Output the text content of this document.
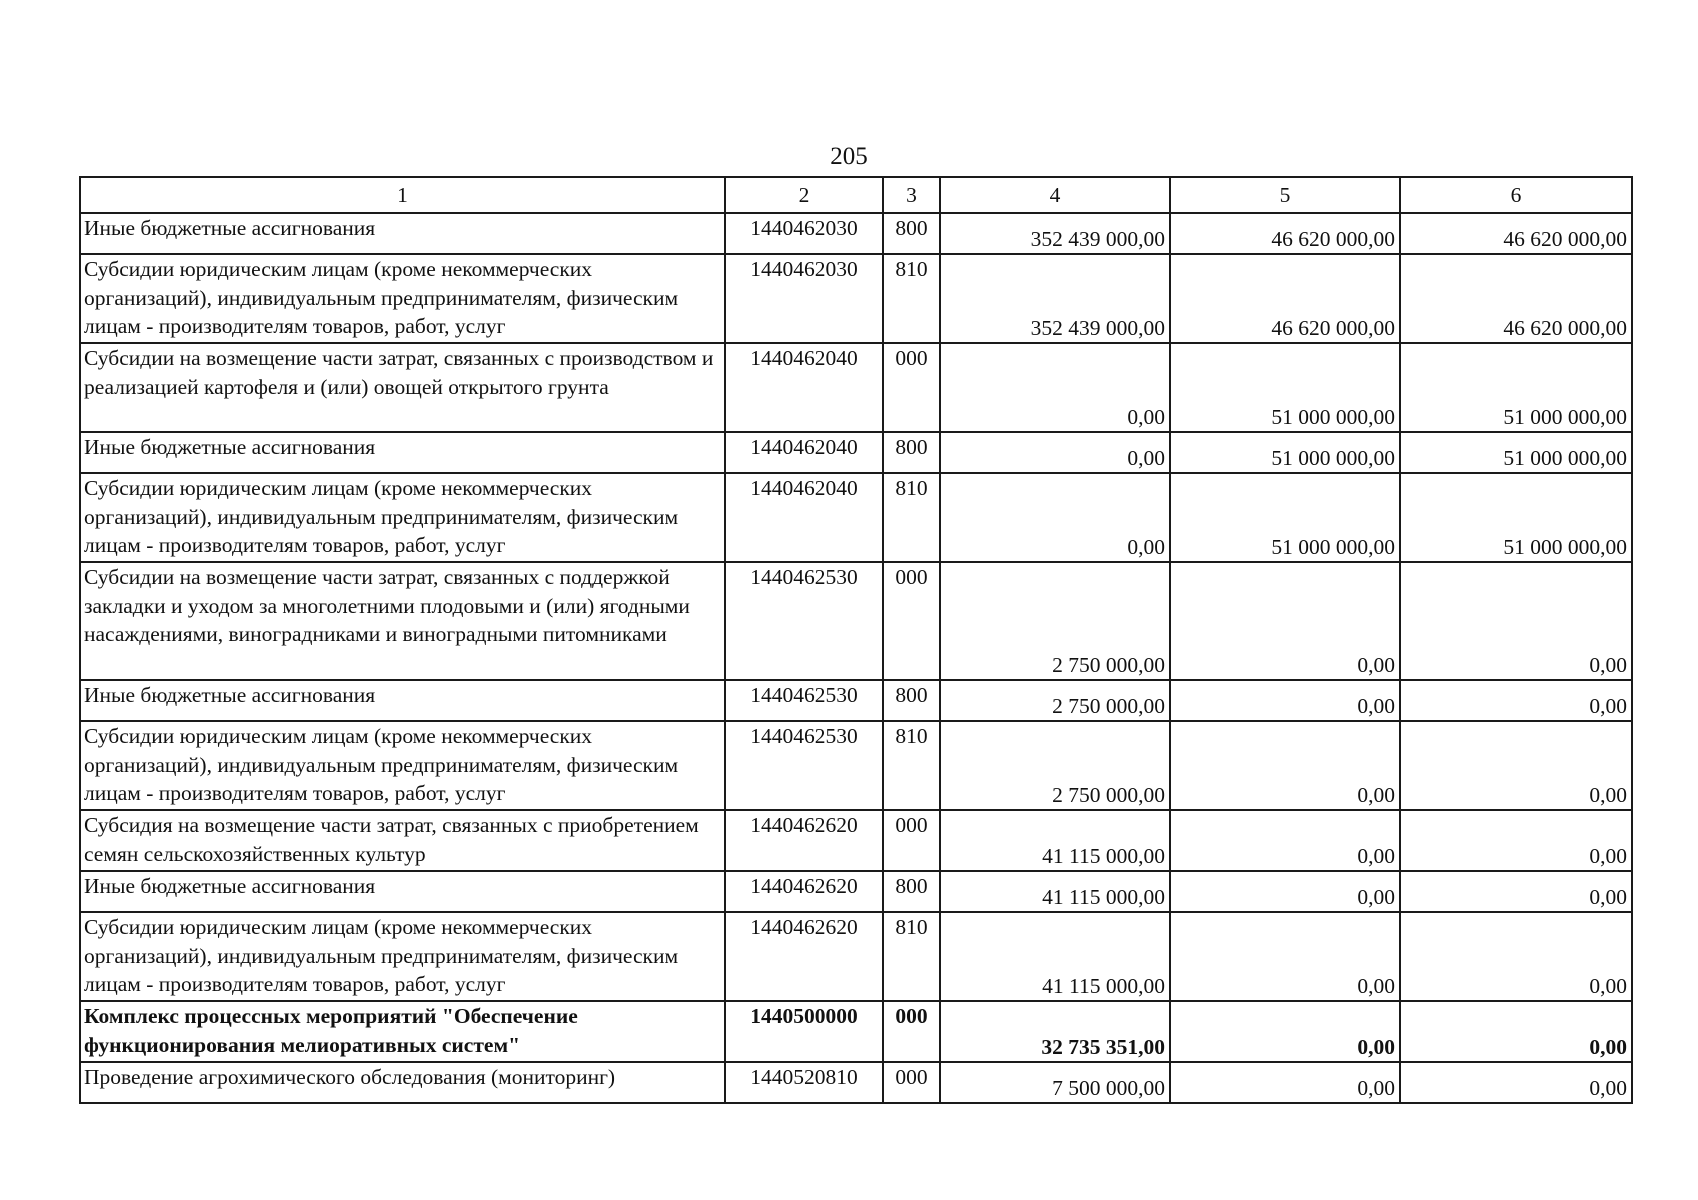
205
1	2	3	4	5	6
Иные бюджетные ассигнования	1440462030	800	352 439 000,00	46 620 000,00	46 620 000,00
Субсидии юридическим лицам (кроме некоммерческих организаций), индивидуальным предпринимателям, физическим лицам - производителям товаров, работ, услуг	1440462030	810	352 439 000,00	46 620 000,00	46 620 000,00
Субсидии на возмещение части затрат, связанных с производством и реализацией картофеля и (или) овощей открытого грунта	1440462040	000	0,00	51 000 000,00	51 000 000,00
Иные бюджетные ассигнования	1440462040	800	0,00	51 000 000,00	51 000 000,00
Субсидии юридическим лицам (кроме некоммерческих организаций), индивидуальным предпринимателям, физическим лицам - производителям товаров, работ, услуг	1440462040	810	0,00	51 000 000,00	51 000 000,00
Субсидии на возмещение части затрат, связанных с поддержкой закладки и уходом за многолетними плодовыми и (или) ягодными насаждениями, виноградниками и виноградными питомниками	1440462530	000	2 750 000,00	0,00	0,00
Иные бюджетные ассигнования	1440462530	800	2 750 000,00	0,00	0,00
Субсидии юридическим лицам (кроме некоммерческих организаций), индивидуальным предпринимателям, физическим лицам - производителям товаров, работ, услуг	1440462530	810	2 750 000,00	0,00	0,00
Субсидия на возмещение части затрат, связанных с приобретением семян сельскохозяйственных культур	1440462620	000	41 115 000,00	0,00	0,00
Иные бюджетные ассигнования	1440462620	800	41 115 000,00	0,00	0,00
Субсидии юридическим лицам (кроме некоммерческих организаций), индивидуальным предпринимателям, физическим лицам - производителям товаров, работ, услуг	1440462620	810	41 115 000,00	0,00	0,00
Комплекс процессных мероприятий "Обеспечение функционирования мелиоративных систем"	1440500000	000	32 735 351,00	0,00	0,00
Проведение агрохимического обследования (мониторинг)	1440520810	000	7 500 000,00	0,00	0,00
